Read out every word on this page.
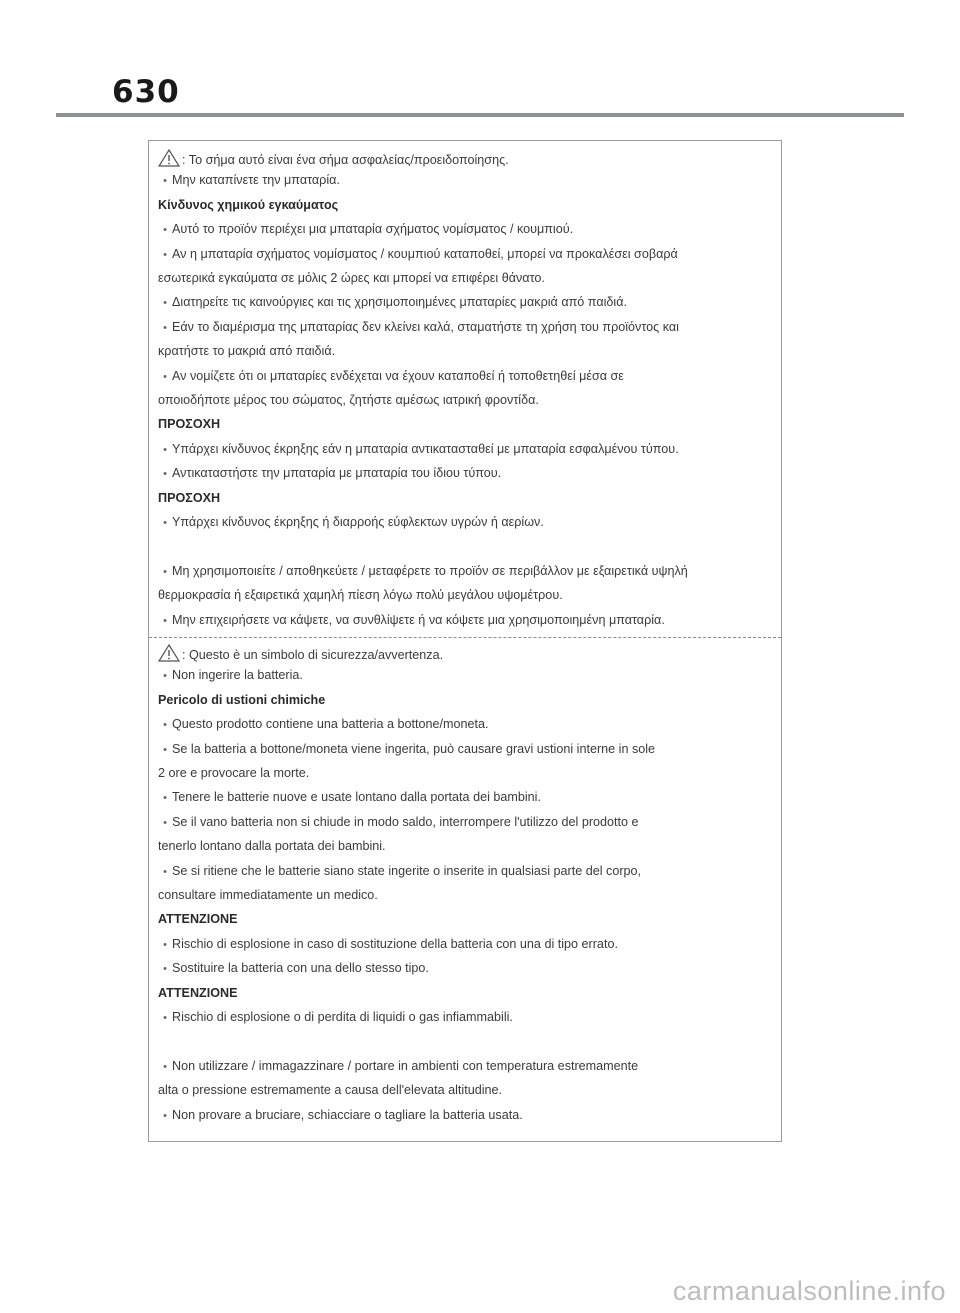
630
: Το σήμα αυτό είναι ένα σήμα ασφαλείας/προειδοποίησης.
• Μην καταπίνετε την μπαταρία.
Κίνδυνος χημικού εγκαύματος
• Αυτό το προϊόν περιέχει μια μπαταρία σχήματος νομίσματος / κουμπιού.
• Αν η μπαταρία σχήματος νομίσματος / κουμπιού καταποθεί, μπορεί να προκαλέσει σοβαρά
εσωτερικά εγκαύματα σε μόλις 2 ώρες και μπορεί να επιφέρει θάνατο.
• Διατηρείτε τις καινούργιες και τις χρησιμοποιημένες μπαταρίες μακριά από παιδιά.
• Εάν το διαμέρισμα της μπαταρίας δεν κλείνει καλά, σταματήστε τη χρήση του προϊόντος και
κρατήστε το μακριά από παιδιά.
• Αν νομίζετε ότι οι μπαταρίες ενδέχεται να έχουν καταποθεί ή τοποθετηθεί μέσα σε
οποιοδήποτε μέρος του σώματος, ζητήστε αμέσως ιατρική φροντίδα.
ΠΡΟΣΟΧΗ
• Υπάρχει κίνδυνος έκρηξης εάν η μπαταρία αντικατασταθεί με μπαταρία εσφαλμένου τύπου.
• Αντικαταστήστε την μπαταρία με μπαταρία του ίδιου τύπου.
ΠΡΟΣΟΧΗ
• Υπάρχει κίνδυνος έκρηξης ή διαρροής εύφλεκτων υγρών ή αερίων.
• Μη χρησιμοποιείτε / αποθηκεύετε / μεταφέρετε το προϊόν σε περιβάλλον με εξαιρετικά υψηλή
θερμοκρασία ή εξαιρετικά χαμηλή πίεση λόγω πολύ μεγάλου υψομέτρου.
• Μην επιχειρήσετε να κάψετε, να συνθλίψετε ή να κόψετε μια χρησιμοποιημένη μπαταρία.
: Questo è un simbolo di sicurezza/avvertenza.
• Non ingerire la batteria.
Pericolo di ustioni chimiche
• Questo prodotto contiene una batteria a bottone/moneta.
• Se la batteria a bottone/moneta viene ingerita, può causare gravi ustioni interne in sole
2 ore e provocare la morte.
• Tenere le batterie nuove e usate lontano dalla portata dei bambini.
• Se il vano batteria non si chiude in modo saldo, interrompere l'utilizzo del prodotto e
tenerlo lontano dalla portata dei bambini.
• Se si ritiene che le batterie siano state ingerite o inserite in qualsiasi parte del corpo,
consultare immediatamente un medico.
ATTENZIONE
• Rischio di esplosione in caso di sostituzione della batteria con una di tipo errato.
• Sostituire la batteria con una dello stesso tipo.
ATTENZIONE
• Rischio di esplosione o di perdita di liquidi o gas infiammabili.
• Non utilizzare / immagazzinare / portare in ambienti con temperatura estremamente
alta o pressione estremamente a causa dell'elevata altitudine.
• Non provare a bruciare, schiacciare o tagliare la batteria usata.
carmanualsonline.info
